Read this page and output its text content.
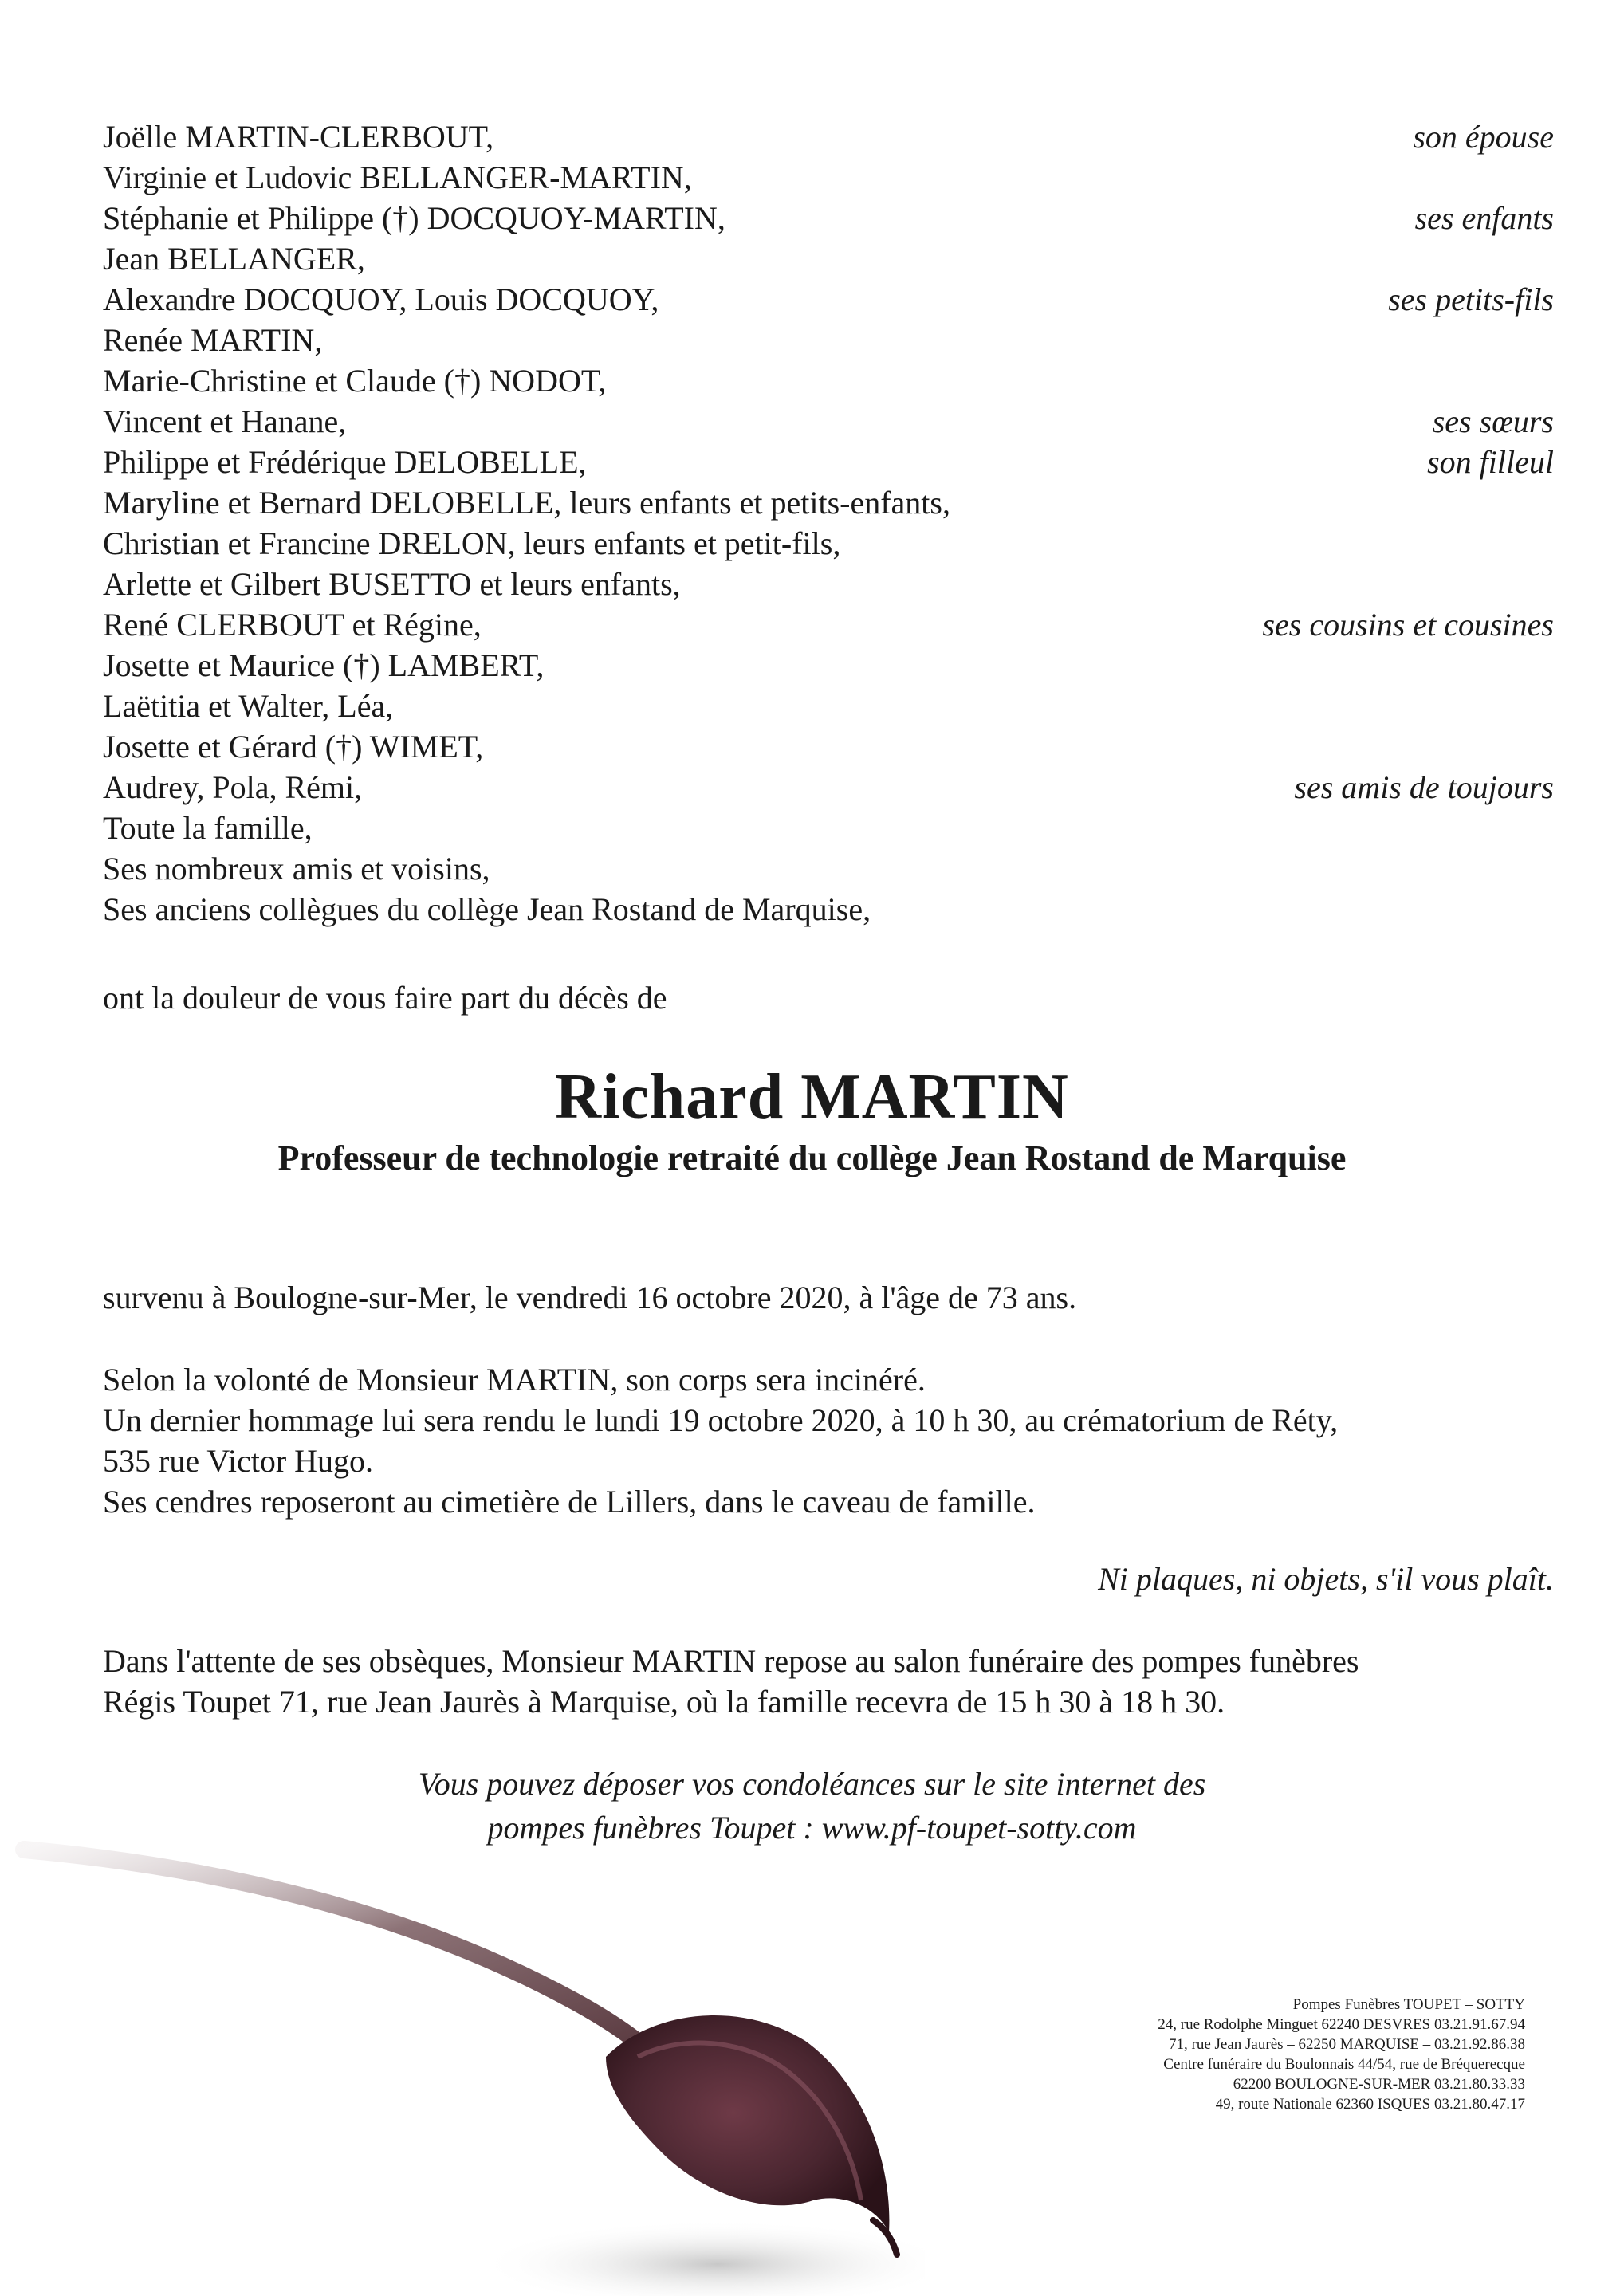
Joëlle MARTIN-CLERBOUT,	son épouse
Virginie et Ludovic BELLANGER-MARTIN,
Stéphanie et Philippe (†) DOCQUOY-MARTIN,	ses enfants
Jean BELLANGER,
Alexandre DOCQUOY, Louis DOCQUOY,	ses petits-fils
Renée MARTIN,
Marie-Christine et Claude (†) NODOT,
Vincent et Hanane,	ses sœurs
Philippe et Frédérique DELOBELLE,	son filleul
Maryline et Bernard DELOBELLE, leurs enfants et petits-enfants,
Christian et Francine DRELON, leurs enfants et petit-fils,
Arlette et Gilbert BUSETTO et leurs enfants,
René CLERBOUT et Régine,	ses cousins et cousines
Josette et Maurice (†) LAMBERT,
Laëtitia et Walter, Léa,
Josette et Gérard (†) WIMET,
Audrey, Pola, Rémi,	ses amis de toujours
Toute la famille,
Ses nombreux amis et voisins,
Ses anciens collègues du collège Jean Rostand de Marquise,
ont la douleur de vous faire part du décès de
Richard MARTIN
Professeur de technologie retraité du collège Jean Rostand de Marquise
survenu à Boulogne-sur-Mer, le vendredi 16 octobre 2020, à l'âge de 73 ans.
Selon la volonté de Monsieur MARTIN, son corps sera incinéré.
Un dernier hommage lui sera rendu le lundi 19 octobre 2020, à 10 h 30, au crématorium de Réty,
535 rue Victor Hugo.
Ses cendres reposeront au cimetière de Lillers, dans le caveau de famille.
Ni plaques, ni objets, s'il vous plaît.
Dans l'attente de ses obsèques, Monsieur MARTIN repose au salon funéraire des pompes funèbres
Régis Toupet 71, rue Jean Jaurès à Marquise, où la famille recevra de 15 h 30 à 18 h 30.
Vous pouvez déposer vos condoléances sur le site internet des
pompes funèbres Toupet : www.pf-toupet-sotty.com
Pompes Funèbres TOUPET – SOTTY
24, rue Rodolphe Minguet 62240 DESVRES 03.21.91.67.94
71, rue Jean Jaurès – 62250 MARQUISE – 03.21.92.86.38
Centre funéraire du Boulonnais 44/54, rue de Bréquerecque
62200 BOULOGNE-SUR-MER 03.21.80.33.33
49, route Nationale 62360 ISQUES 03.21.80.47.17
